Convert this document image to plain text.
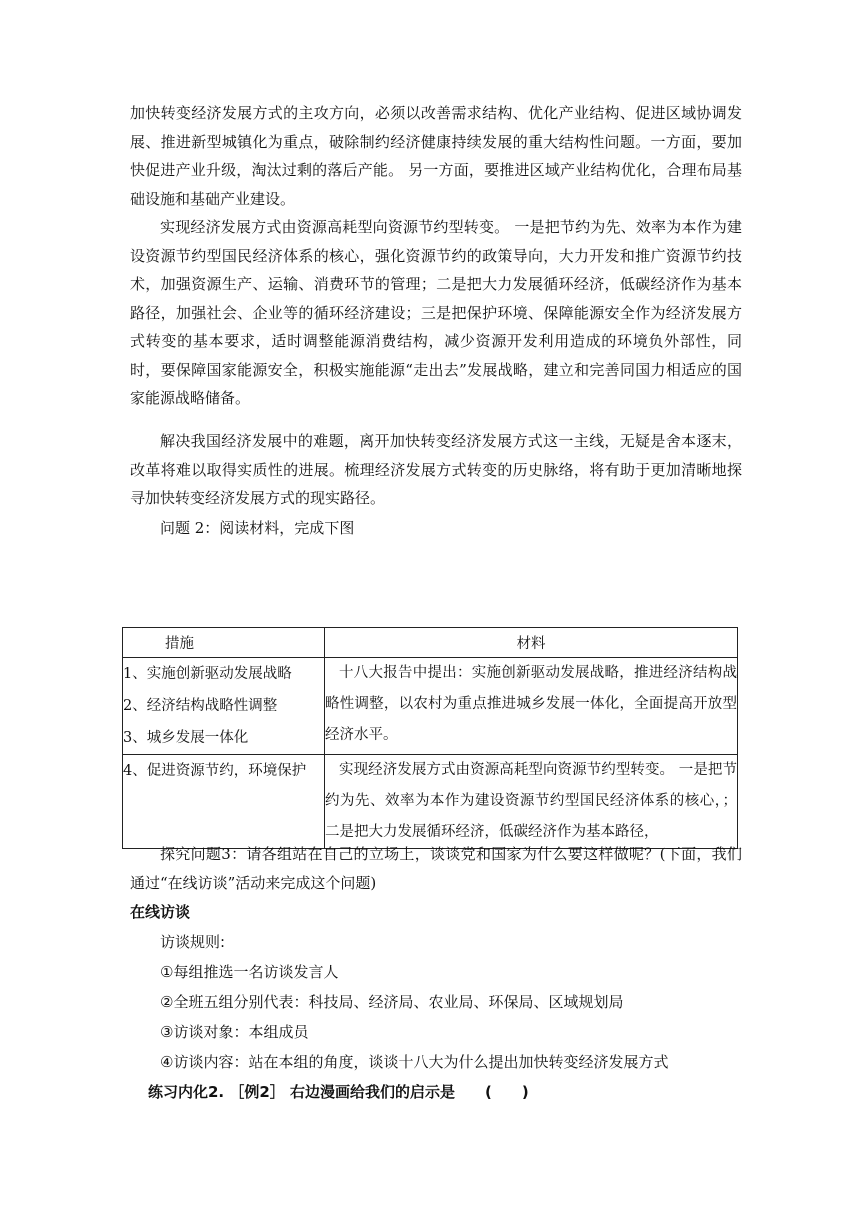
加快转变经济发展方式的主攻方向，必须以改善需求结构、优化产业结构、促进区域协调发展、推进新型城镇化为重点，破除制约经济健康持续发展的重大结构性问题。一方面，要加快促进产业升级，淘汰过剩的落后产能。 另一方面，要推进区域产业结构优化，合理布局基础设施和基础产业建设。

实现经济发展方式由资源高耗型向资源节约型转变。 一是把节约为先、效率为本作为建设资源节约型国民经济体系的核心，强化资源节约的政策导向，大力开发和推广资源节约技术，加强资源生产、运输、消费环节的管理；二是把大力发展循环经济，低碳经济作为基本路径，加强社会、企业等的循环经济建设；三是把保护环境、保障能源安全作为经济发展方式转变的基本要求，适时调整能源消费结构，减少资源开发利用造成的环境负外部性，同时，要保障国家能源安全，积极实施能源“走出去”发展战略，建立和完善同国力相适应的国家能源战略储备。

解决我国经济发展中的难题，离开加快转变经济发展方式这一主线，无疑是舍本逐末，改革将难以取得实质性的进展。梳理经济发展方式转变的历史脉络，将有助于更加清晰地探寻加快转变经济发展方式的现实路径。

问题 2：阅读材料，完成下图

措施	材料

1、实施创新驱动发展战略
2、经济结构战略性调整
3、城乡发展一体化	十八大报告中提出：实施创新驱动发展战略，推进经济结构战略性调整，以农村为重点推进城乡发展一体化，全面提高开放型经济水平。

4、促进资源节约，环境保护	实现经济发展方式由资源高耗型向资源节约型转变。 一是把节约为先、效率为本作为建设资源节约型国民经济体系的核心，；二是把大力发展循环经济，低碳经济作为基本路径，

探究问题3：请各组站在自己的立场上，谈谈党和国家为什么要这样做呢？(下面，我们通过“在线访谈”活动来完成这个问题)

在线访谈

访谈规则:

①每组推选一名访谈发言人

②全班五组分别代表：科技局、经济局、农业局、环保局、区域规划局

③访谈对象：本组成员

④访谈内容：站在本组的角度，谈谈十八大为什么提出加快转变经济发展方式

练习内化2. ［例2］ 右边漫画给我们的启示是　　(　　)
